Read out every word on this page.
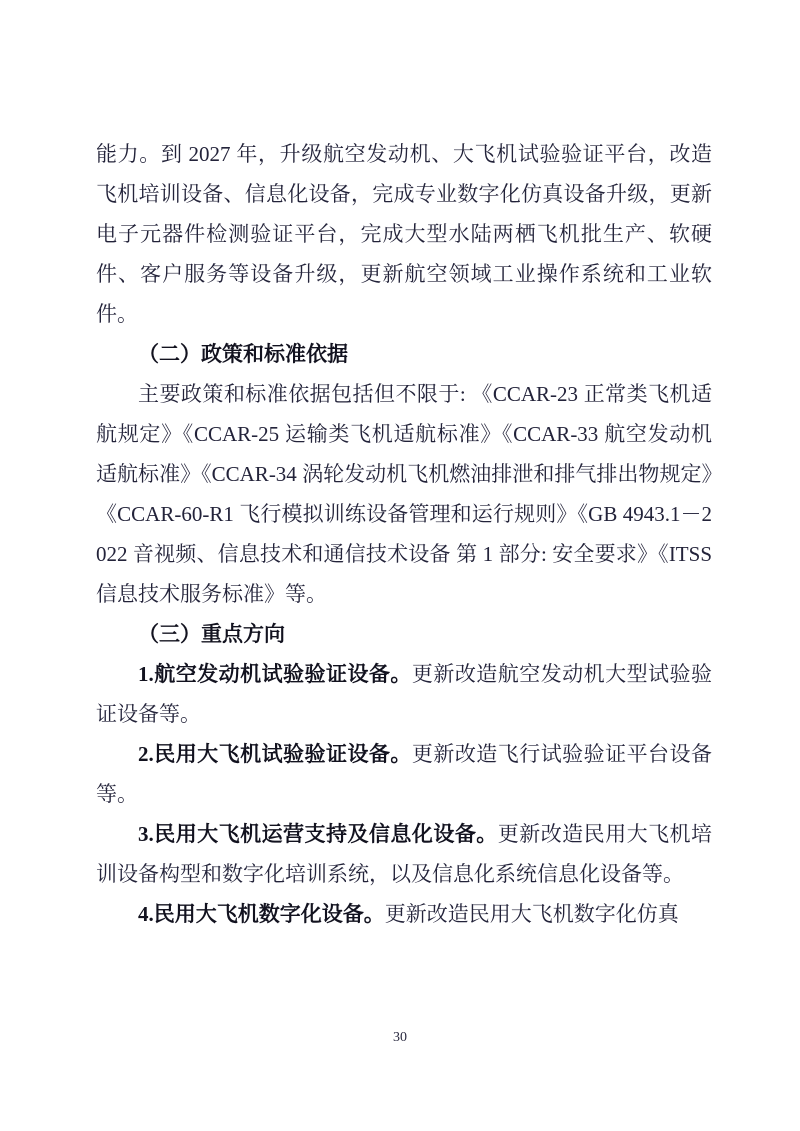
能力。到 2027 年，升级航空发动机、大飞机试验验证平台，改造飞机培训设备、信息化设备，完成专业数字化仿真设备升级，更新电子元器件检测验证平台，完成大型水陆两栖飞机批生产、软硬件、客户服务等设备升级，更新航空领域工业操作系统和工业软件。

（二）政策和标准依据

主要政策和标准依据包括但不限于: 《CCAR-23 正常类飞机适航规定》《CCAR-25 运输类飞机适航标准》《CCAR-33 航空发动机适航标准》《CCAR-34 涡轮发动机飞机燃油排泄和排气排出物规定》《CCAR-60-R1 飞行模拟训练设备管理和运行规则》《GB 4943.1－2022 音视频、信息技术和通信技术设备 第 1 部分: 安全要求》《ITSS 信息技术服务标准》等。

（三）重点方向

1.航空发动机试验验证设备。更新改造航空发动机大型试验验证设备等。

2.民用大飞机试验验证设备。更新改造飞行试验验证平台设备等。

3.民用大飞机运营支持及信息化设备。更新改造民用大飞机培训设备构型和数字化培训系统，以及信息化系统信息化设备等。

4.民用大飞机数字化设备。更新改造民用大飞机数字化仿真

30
